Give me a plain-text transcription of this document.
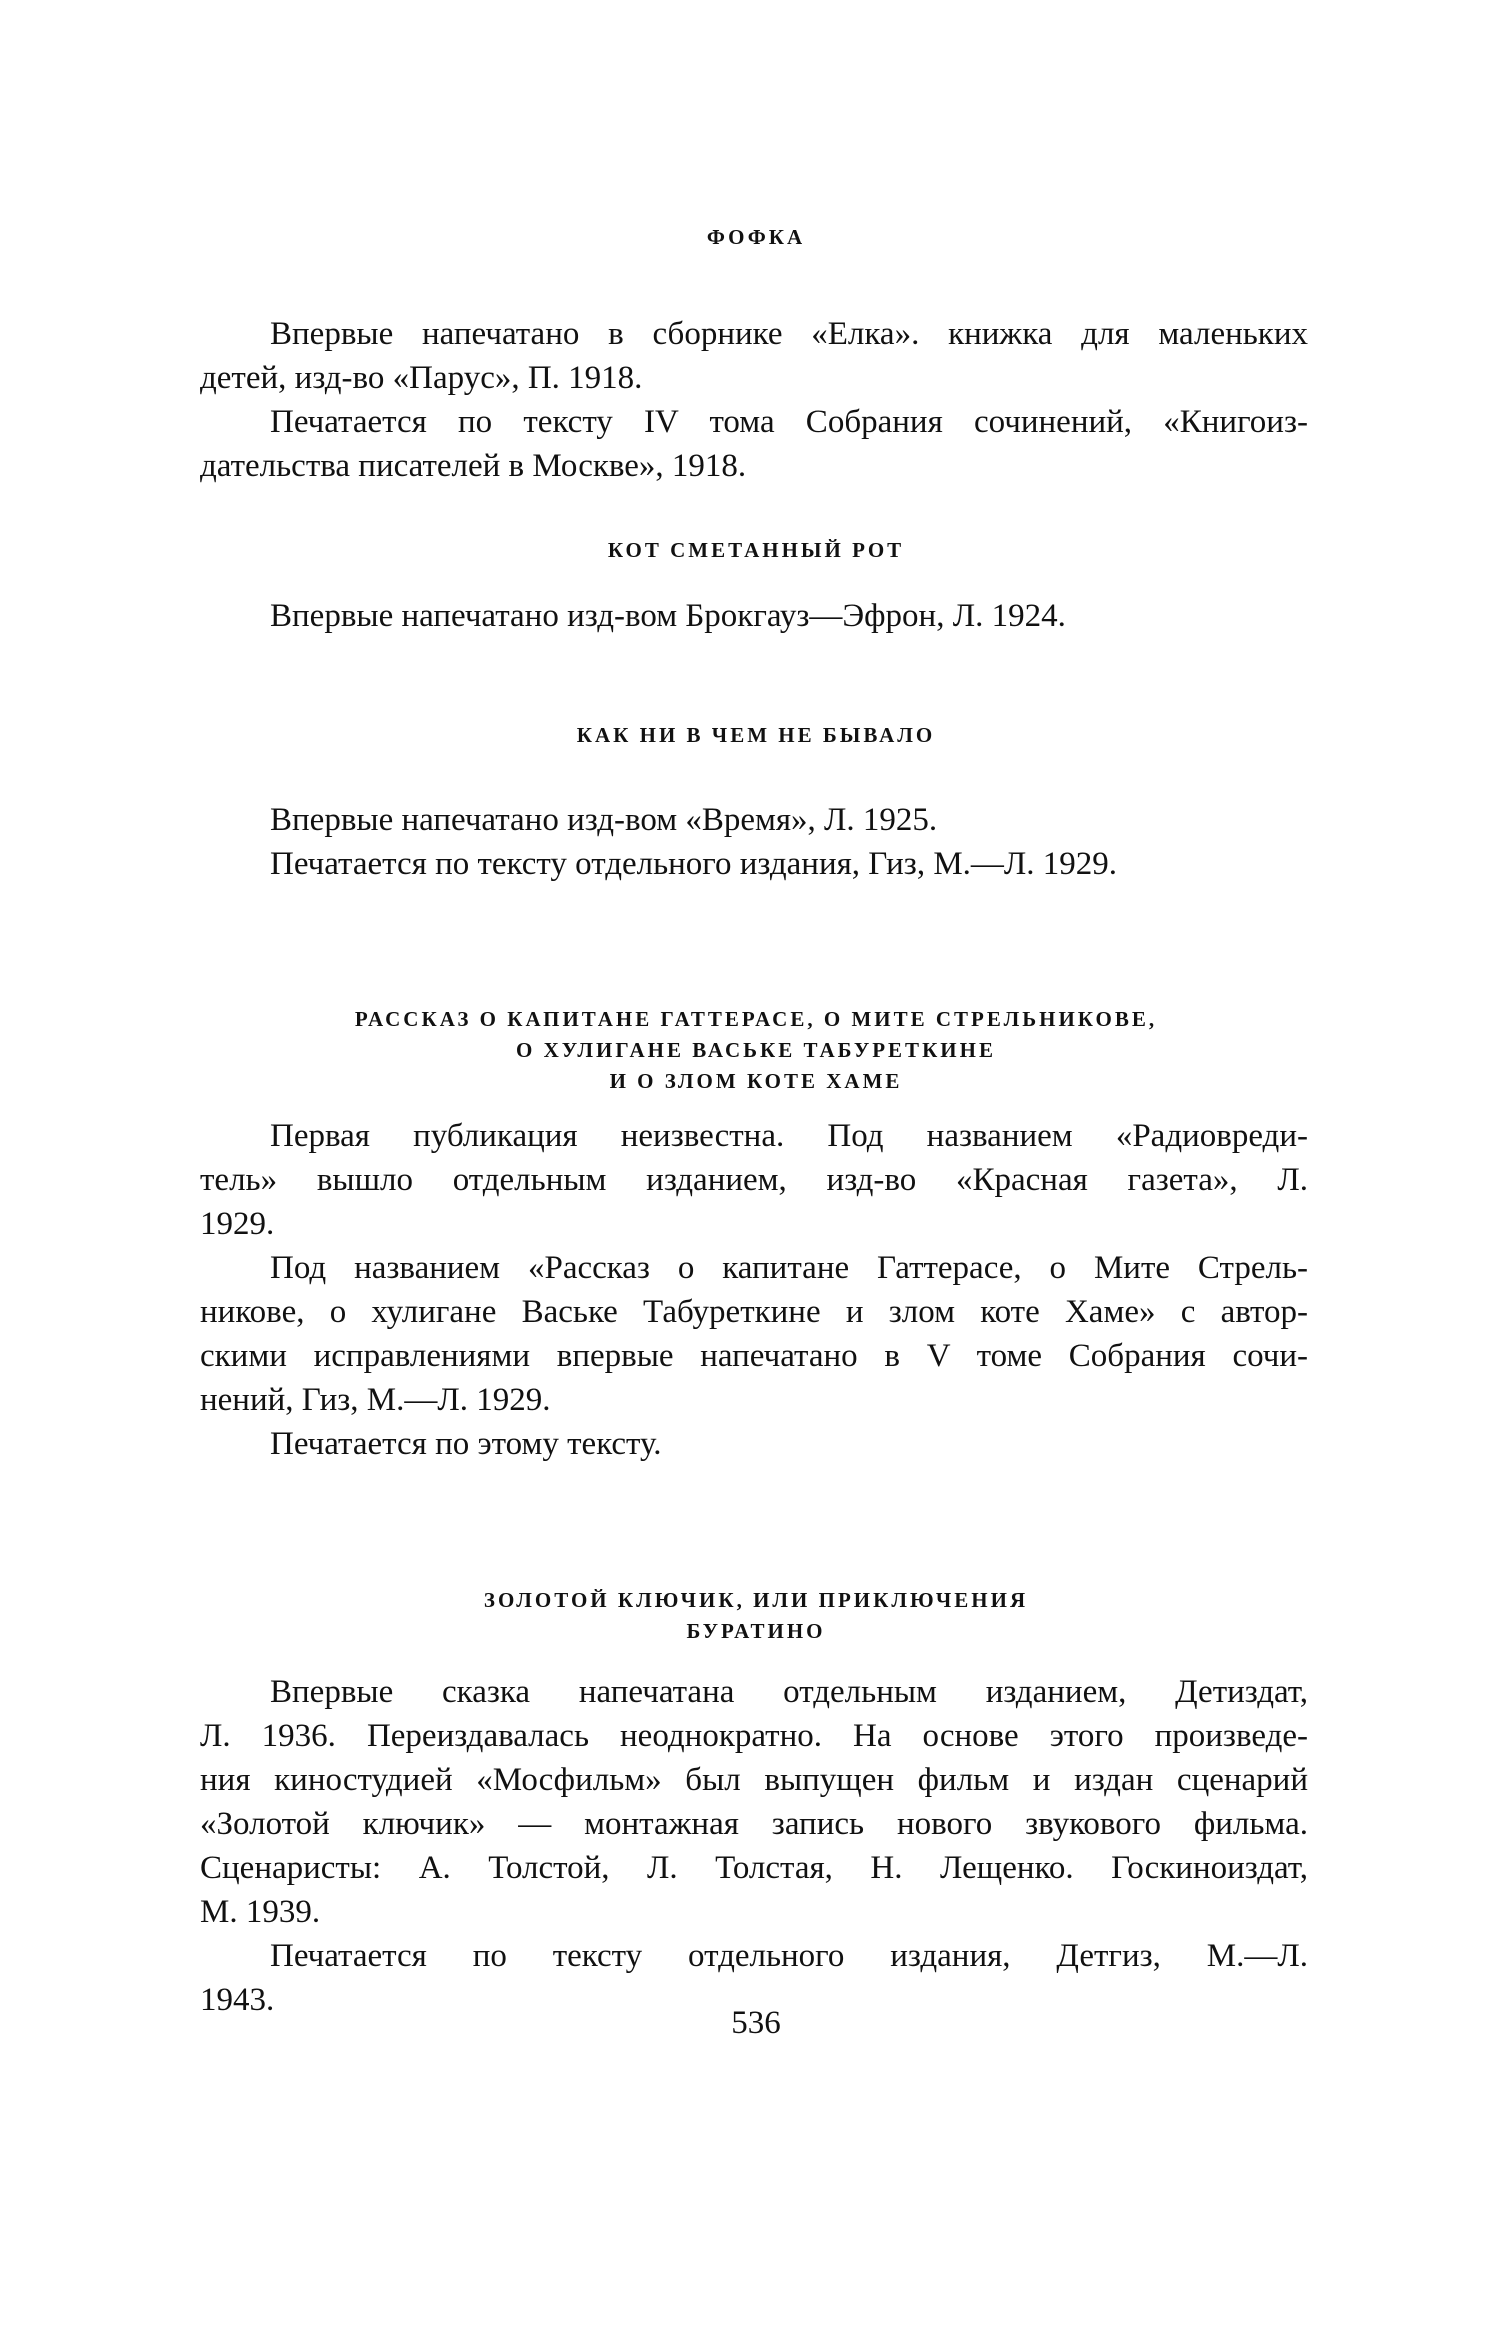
ФОФКА
Впервые напечатано в сборнике «Елка». книжка для маленьких
детей, изд-во «Парус», П. 1918.
Печатается по тексту IV тома Собрания сочинений, «Книгоиз-
дательства писателей в Москве», 1918.
КОТ СМЕТАННЫЙ РОТ
Впервые напечатано изд-вом Брокгауз—Эфрон, Л. 1924.
КАК НИ В ЧЕМ НЕ БЫВАЛО
Впервые напечатано изд-вом «Время», Л. 1925.
Печатается по тексту отдельного издания, Гиз, М.—Л. 1929.
РАССКАЗ О КАПИТАНЕ ГАТТЕРАСЕ, О МИТЕ СТРЕЛЬНИКОВЕ,
О ХУЛИГАНЕ ВАСЬКЕ ТАБУРЕТКИНЕ
И О ЗЛОМ КОТЕ ХАМЕ
Первая публикация неизвестна. Под названием «Радиовреди-
тель» вышло отдельным изданием, изд-во «Красная газета», Л.
1929.
Под названием «Рассказ о капитане Гаттерасе, о Мите Стрель-
никове, о хулигане Ваське Табуреткине и злом коте Хаме» с автор-
скими исправлениями впервые напечатано в V томе Собрания сочи-
нений, Гиз, М.—Л. 1929.
Печатается по этому тексту.
ЗОЛОТОЙ КЛЮЧИК, ИЛИ ПРИКЛЮЧЕНИЯ
БУРАТИНО
Впервые сказка напечатана отдельным изданием, Детиздат,
Л. 1936. Переиздавалась неоднократно. На основе этого произведе-
ния киностудией «Мосфильм» был выпущен фильм и издан сценарий
«Золотой ключик» — монтажная запись нового звукового фильма.
Сценаристы: А. Толстой, Л. Толстая, Н. Лещенко. Госкиноиздат,
М. 1939.
Печатается по тексту отдельного издания, Детгиз, М.—Л.
1943.
536
